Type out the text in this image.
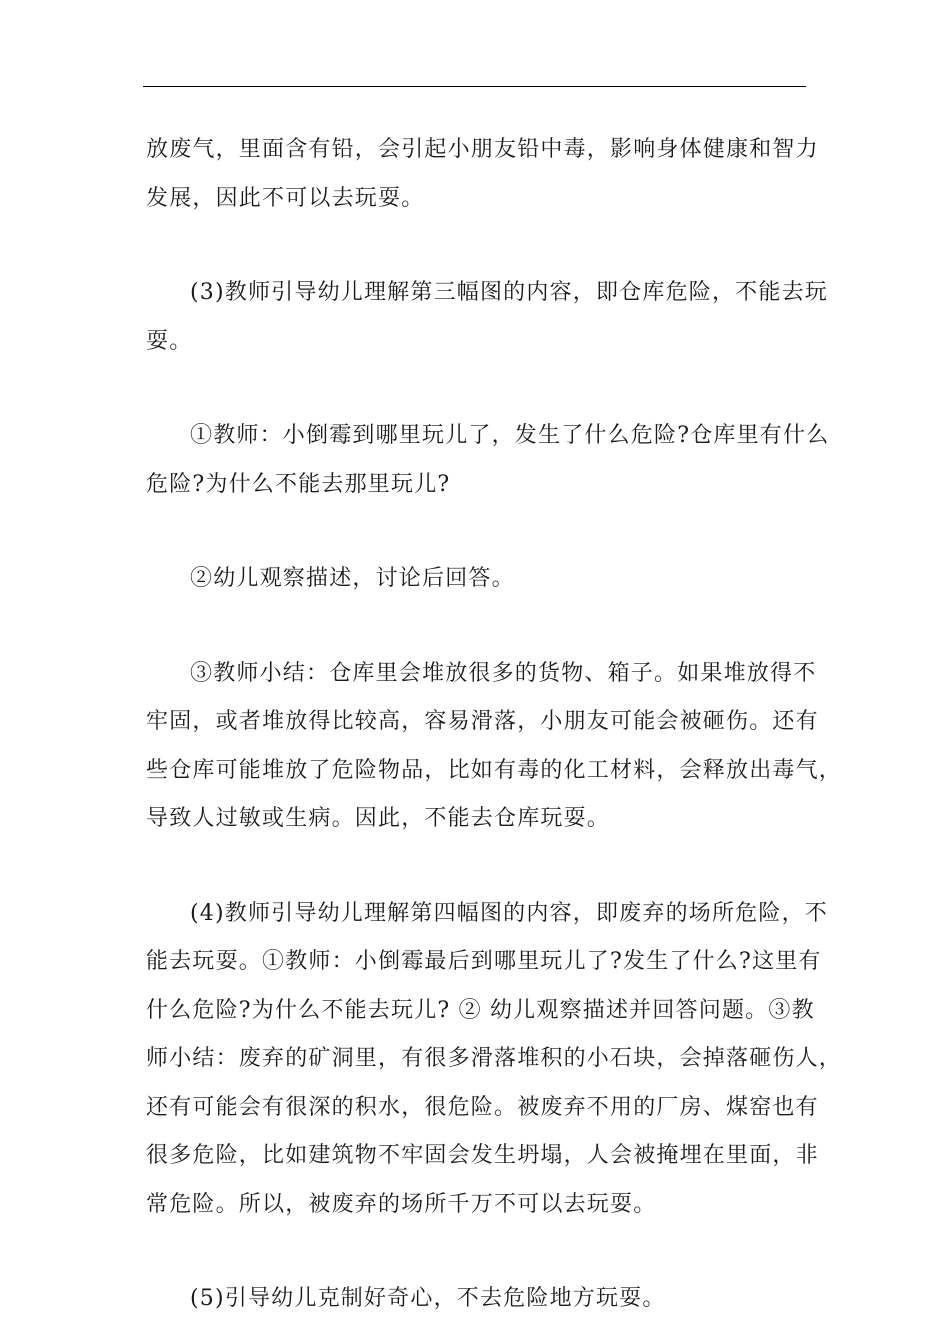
放废气，里面含有铅，会引起小朋友铅中毒，影响身体健康和智力
发展，因此不可以去玩耍。

(3)教师引导幼儿理解第三幅图的内容，即仓库危险，不能去玩
耍。

①教师：小倒霉到哪里玩儿了，发生了什么危险?仓库里有什么
危险?为什么不能去那里玩儿?

②幼儿观察描述，讨论后回答。

③教师小结：仓库里会堆放很多的货物、箱子。如果堆放得不
牢固，或者堆放得比较高，容易滑落，小朋友可能会被砸伤。还有
些仓库可能堆放了危险物品，比如有毒的化工材料，会释放出毒气，
导致人过敏或生病。因此，不能去仓库玩耍。

(4)教师引导幼儿理解第四幅图的内容，即废弃的场所危险，不
能去玩耍。①教师：小倒霉最后到哪里玩儿了?发生了什么?这里有
什么危险?为什么不能去玩儿? ② 幼儿观察描述并回答问题。③教
师小结：废弃的矿洞里，有很多滑落堆积的小石块，会掉落砸伤人，
还有可能会有很深的积水，很危险。被废弃不用的厂房、煤窑也有
很多危险，比如建筑物不牢固会发生坍塌，人会被掩埋在里面，非
常危险。所以，被废弃的场所千万不可以去玩耍。

(5)引导幼儿克制好奇心，不去危险地方玩耍。
